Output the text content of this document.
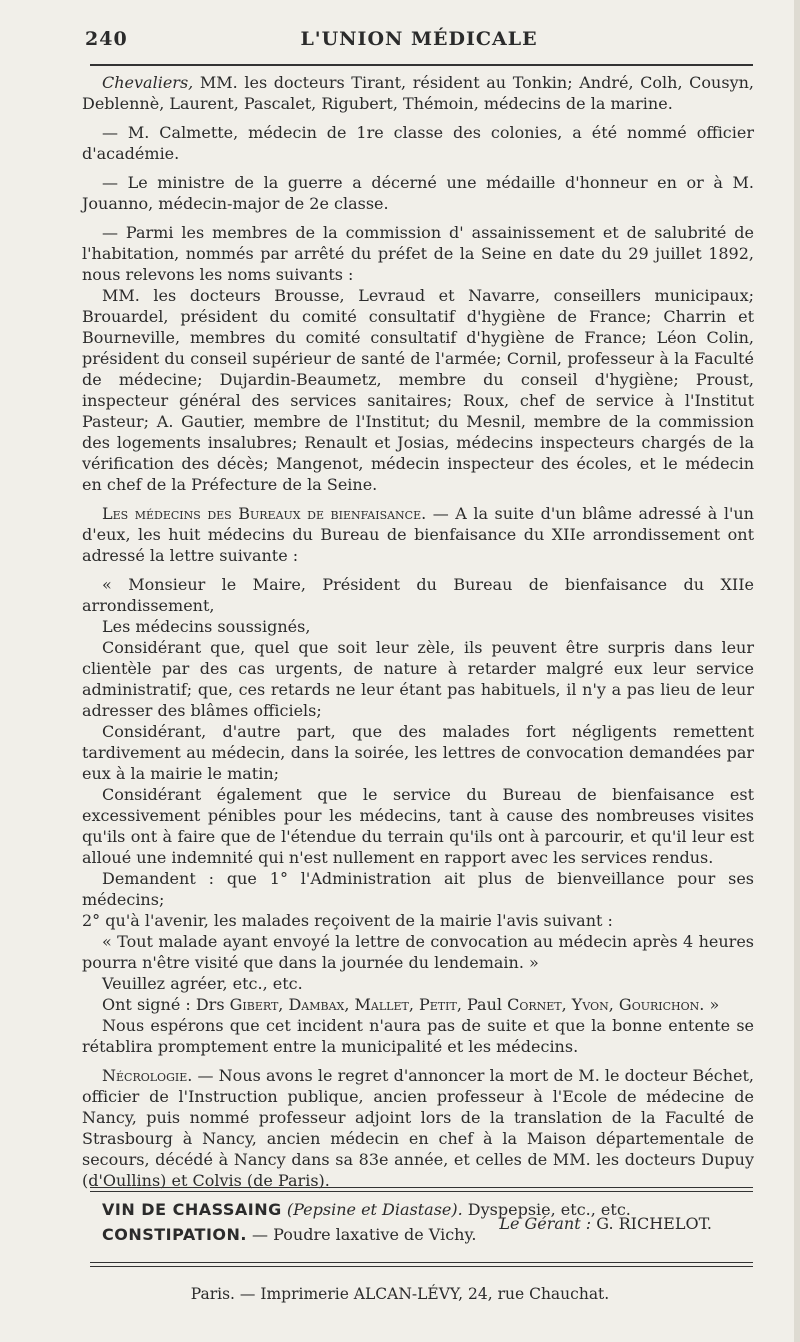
240	L'UNION MÉDICALE

Chevaliers, MM. les docteurs Tirant, résident au Tonkin; André, Colh, Cousyn, Deblennè, Laurent, Pascalet, Rigubert, Thémoin, médecins de la marine.

— M. Calmette, médecin de 1re classe des colonies, a été nommé officier d'académie.

— Le ministre de la guerre a décerné une médaille d'honneur en or à M. Jouanno, médecin-major de 2e classe.

— Parmi les membres de la commission d' assainissement et de salubrité de l'habitation, nommés par arrêté du préfet de la Seine en date du 29 juillet 1892, nous relevons les noms suivants :

MM. les docteurs Brousse, Levraud et Navarre, conseillers municipaux; Brouardel, président du comité consultatif d'hygiène de France; Charrin et Bourneville, membres du comité consultatif d'hygiène de France; Léon Colin, président du conseil supérieur de santé de l'armée; Cornil, professeur à la Faculté de médecine; Dujardin-Beaumetz, membre du conseil d'hygiène; Proust, inspecteur général des services sanitaires; Roux, chef de service à l'Institut Pasteur; A. Gautier, membre de l'Institut; du Mesnil, membre de la commission des logements insalubres; Renault et Josias, médecins inspecteurs chargés de la vérification des décès; Mangenot, médecin inspecteur des écoles, et le médecin en chef de la Préfecture de la Seine.

Les médecins des Bureaux de bienfaisance. — A la suite d'un blâme adressé à l'un d'eux, les huit médecins du Bureau de bienfaisance du XIIe arrondissement ont adressé la lettre suivante :

« Monsieur le Maire, Président du Bureau de bienfaisance du XIIe arrondissement,

Les médecins soussignés,

Considérant que, quel que soit leur zèle, ils peuvent être surpris dans leur clientèle par des cas urgents, de nature à retarder malgré eux leur service administratif; que, ces retards ne leur étant pas habituels, il n'y a pas lieu de leur adresser des blâmes officiels;

Considérant, d'autre part, que des malades fort négligents remettent tardivement au médecin, dans la soirée, les lettres de convocation demandées par eux à la mairie le matin;

Considérant également que le service du Bureau de bienfaisance est excessivement pénibles pour les médecins, tant à cause des nombreuses visites qu'ils ont à faire que de l'étendue du terrain qu'ils ont à parcourir, et qu'il leur est alloué une indemnité qui n'est nullement en rapport avec les services rendus.

Demandent : que 1° l'Administration ait plus de bienveillance pour ses médecins;

2° qu'à l'avenir, les malades reçoivent de la mairie l'avis suivant :

« Tout malade ayant envoyé la lettre de convocation au médecin après 4 heures pourra n'être visité que dans la journée du lendemain. »

Veuillez agréer, etc., etc.

Ont signé : Drs Gibert, Dambax, Mallet, Petit, Paul Cornet, Yvon, Gourichon. »

Nous espérons que cet incident n'aura pas de suite et que la bonne entente se rétablira promptement entre la municipalité et les médecins.

Nécrologie. — Nous avons le regret d'annoncer la mort de M. le docteur Béchet, officier de l'Instruction publique, ancien professeur à l'Ecole de médecine de Nancy, puis nommé professeur adjoint lors de la translation de la Faculté de Strasbourg à Nancy, ancien médecin en chef à la Maison départementale de secours, décédé à Nancy dans sa 83e année, et celles de MM. les docteurs Dupuy (d'Oullins) et Colvis (de Paris).

VIN DE CHASSAING (Pepsine et Diastase). Dyspepsie, etc., etc.

CONSTIPATION. — Poudre laxative de Vichy.

Le Gérant : G. RICHELOT.
Paris. — Imprimerie ALCAN-LÉVY, 24, rue Chauchat.
